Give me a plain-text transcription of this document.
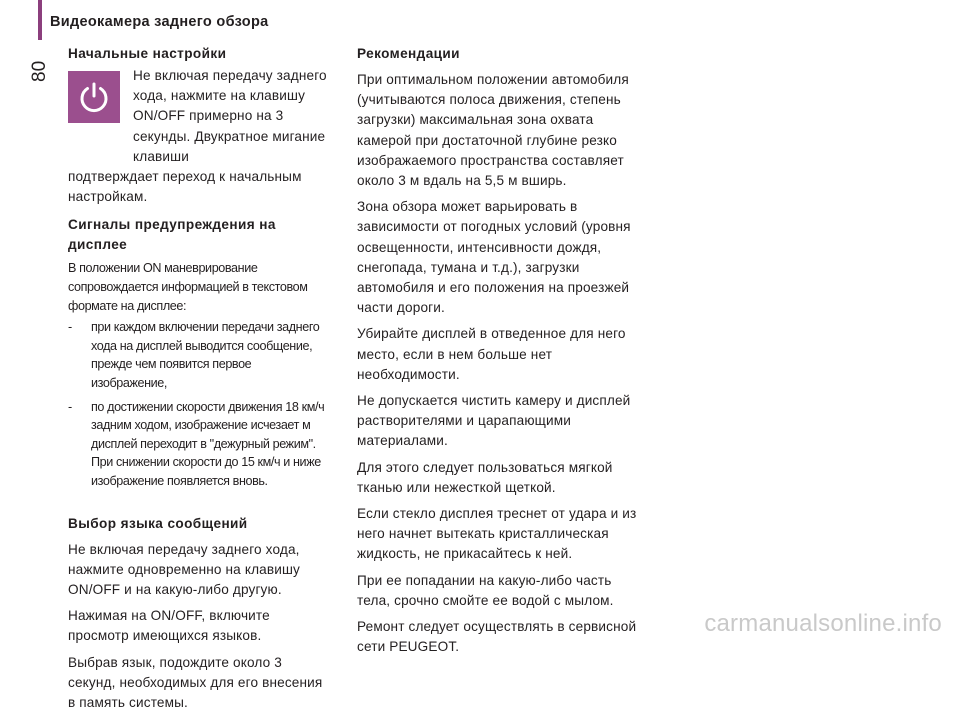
80
Видеокамера заднего обзора
Начальные настройки

Не включая передачу заднего хода, нажмите на клавишу ON/OFF примерно на 3 секунды. Двукратное мигание клавиши

подтверждает переход к начальным настройкам.

Сигналы предупреждения на дисплее

В положении ON маневрирование сопровождается информацией в текстовом формате на дисплее:

- при каждом включении передачи заднего хода на дисплей выводится сообщение, прежде чем появится первое изображение,
- по достижении скорости движения 18 км/ч задним ходом, изображение исчезает м дисплей переходит в "дежурный режим". При снижении скорости до 15 км/ч и ниже изображение появляется вновь.
Выбор языка сообщений

Не включая передачу заднего хода, нажмите одновременно на клавишу ON/OFF и на какую-либо другую.

Нажимая на ON/OFF, включите просмотр имеющихся языков.

Выбрав язык, подождите около 3 секунд, необходимых для его внесения в память системы.

Рекомендации

При оптимальном положении автомобиля (учитываются полоса движения, степень загрузки) максимальная зона охвата камерой при достаточной глубине резко изображаемого пространства составляет около 3 м вдаль на 5,5 м вширь.

Зона обзора может варьировать в зависимости от погодных условий (уровня освещенности, интенсивности дождя, снегопада, тумана и т.д.), загрузки автомобиля и его положения на проезжей части дороги.

Убирайте дисплей в отведенное для него место, если в нем больше нет необходимости.

Не допускается чистить камеру и дисплей растворителями и царапающими материалами.

Для этого следует пользоваться мягкой тканью или нежесткой щеткой.

Если стекло дисплея треснет от удара и из него начнет вытекать кристаллическая жидкость, не прикасайтесь к ней.

При ее попадании на какую-либо часть тела, срочно смойте ее водой с мылом.

Ремонт следует осуществлять в сервисной сети PEUGEOT.

carmanualsonline.info
